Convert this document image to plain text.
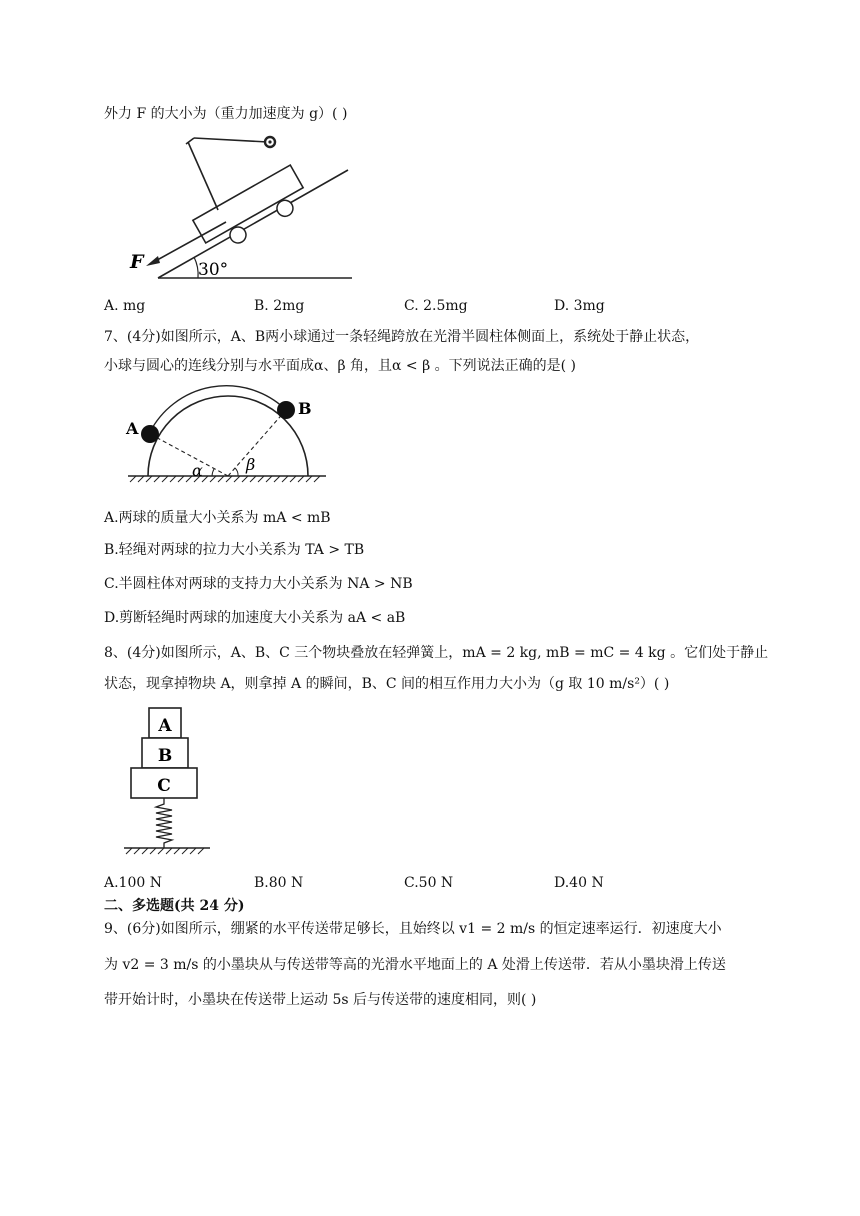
外力 F 的大小为（重力加速度为 g）( )
F	30°
A. mg	B. 2mg	C. 2.5mg	D. 3mg
7、(4分)如图所示，A、B两小球通过一条轻绳跨放在光滑半圆柱体侧面上，系统处于静止状态，
小球与圆心的连线分别与水平面成α、β 角，且α < β 。下列说法正确的是( )
A
B
α	β
A.两球的质量大小关系为 mA < mB
B.轻绳对两球的拉力大小关系为 TA > TB
C.半圆柱体对两球的支持力大小关系为 NA > NB
D.剪断轻绳时两球的加速度大小关系为 aA < aB
8、(4分)如图所示，A、B、C 三个物块叠放在轻弹簧上，mA = 2 kg, mB = mC = 4 kg 。它们处于静止
状态，现拿掉物块 A，则拿掉 A 的瞬间，B、C 间的相互作用力大小为（g 取 10 m/s²）( )
A
B
C
A.100 N	B.80 N	C.50 N	D.40 N
二、多选题(共 24 分)
9、(6分)如图所示，绷紧的水平传送带足够长，且始终以 v1 = 2 m/s 的恒定速率运行．初速度大小
为 v2 = 3 m/s 的小墨块从与传送带等高的光滑水平地面上的 A 处滑上传送带．若从小墨块滑上传送
带开始计时，小墨块在传送带上运动 5s 后与传送带的速度相同，则( )
